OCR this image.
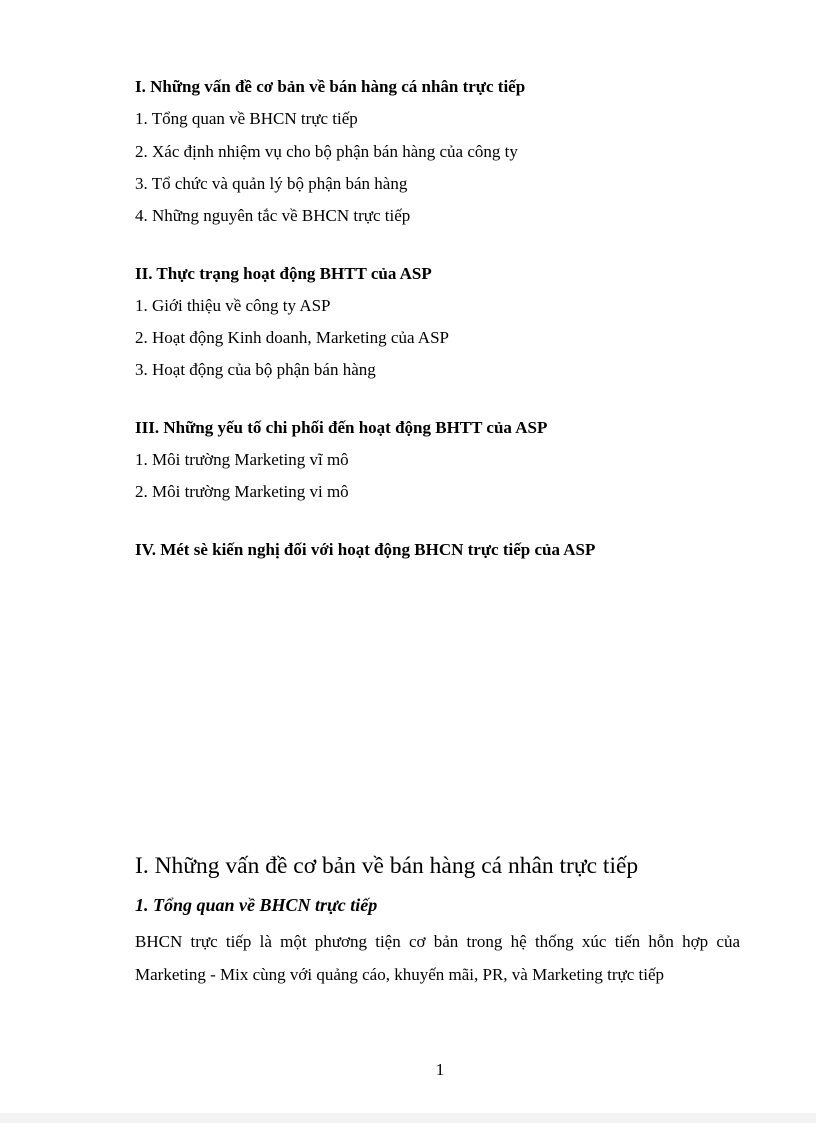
I. Những vấn đề cơ bản về bán hàng cá nhân trực tiếp

1. Tổng quan về BHCN trực tiếp

2. Xác định nhiệm vụ cho bộ phận bán hàng của công ty

3. Tổ chức và quản lý bộ phận bán hàng

4. Những nguyên tắc về BHCN trực tiếp

II. Thực trạng hoạt động BHTT của ASP

1. Giới thiệu về công ty ASP

2. Hoạt động Kinh doanh, Marketing của ASP

3. Hoạt động của bộ phận bán hàng

III. Những yếu tố chi phối đến hoạt động BHTT của ASP

1. Môi trường Marketing vĩ mô

2. Môi trường Marketing vi mô

IV. Mét sè kiến nghị đối với hoạt động BHCN trực tiếp của ASP

I. Những vấn đề cơ bản về bán hàng cá nhân trực tiếp
1. Tổng quan về BHCN trực tiếp

BHCN trực tiếp là một phương tiện cơ bản trong hệ thống xúc tiến hỗn hợp của Marketing - Mix cùng với quảng cáo, khuyến mãi, PR, và Marketing trực tiếp

1
